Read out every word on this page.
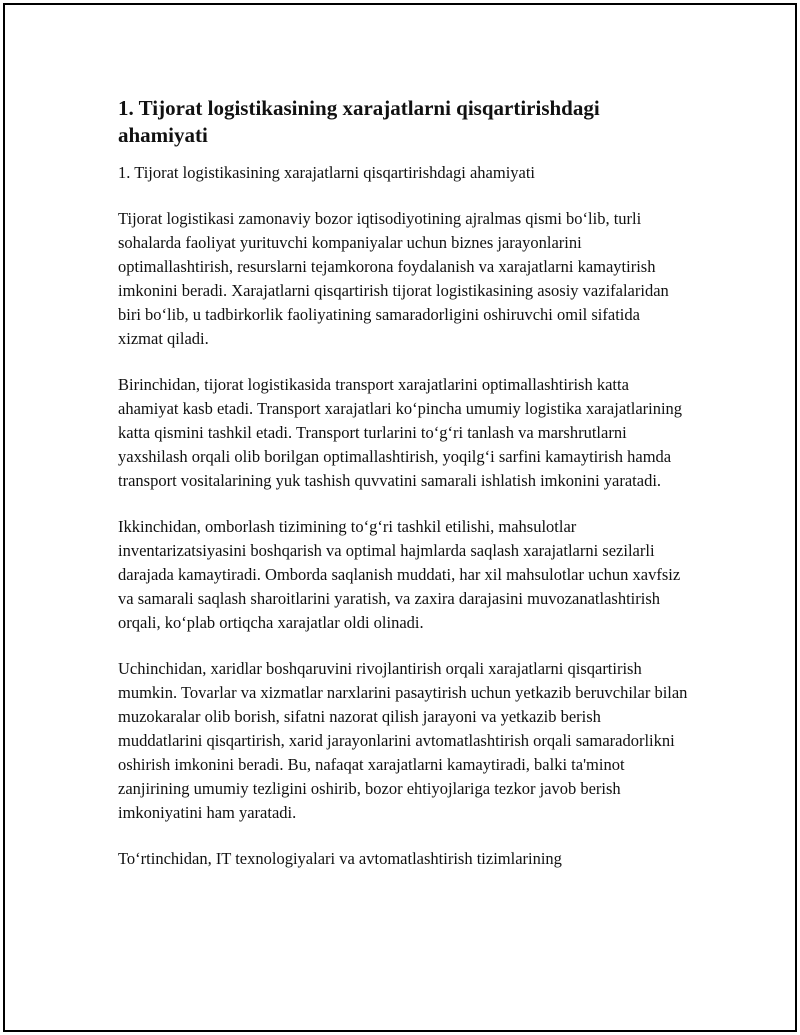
1. Tijorat logistikasining xarajatlarni qisqartirishdagi ahamiyati
1. Tijorat logistikasining xarajatlarni qisqartirishdagi ahamiyati

Tijorat logistikasi zamonaviy bozor iqtisodiyotining ajralmas qismi bo‘lib, turli sohalarda faoliyat yurituvchi kompaniyalar uchun biznes jarayonlarini optimallashtirish, resurslarni tejamkorona foydalanish va xarajatlarni kamaytirish imkonini beradi. Xarajatlarni qisqartirish tijorat logistikasining asosiy vazifalaridan biri bo‘lib, u tadbirkorlik faoliyatining samaradorligini oshiruvchi omil sifatida xizmat qiladi.

Birinchidan, tijorat logistikasida transport xarajatlarini optimallashtirish katta ahamiyat kasb etadi. Transport xarajatlari ko‘pincha umumiy logistika xarajatlarining katta qismini tashkil etadi. Transport turlarini to‘g‘ri tanlash va marshrutlarni yaxshilash orqali olib borilgan optimallashtirish, yoqilg‘i sarfini kamaytirish hamda transport vositalarining yuk tashish quvvatini samarali ishlatish imkonini yaratadi.

Ikkinchidan, omborlash tizimining to‘g‘ri tashkil etilishi, mahsulotlar inventarizatsiyasini boshqarish va optimal hajmlarda saqlash xarajatlarni sezilarli darajada kamaytiradi. Omborda saqlanish muddati, har xil mahsulotlar uchun xavfsiz va samarali saqlash sharoitlarini yaratish, va zaxira darajasini muvozanatlashtirish orqali, ko‘plab ortiqcha xarajatlar oldi olinadi.

Uchinchidan, xaridlar boshqaruvini rivojlantirish orqali xarajatlarni qisqartirish mumkin. Tovarlar va xizmatlar narxlarini pasaytirish uchun yetkazib beruvchilar bilan muzokaralar olib borish, sifatni nazorat qilish jarayoni va yetkazib berish muddatlarini qisqartirish, xarid jarayonlarini avtomatlashtirish orqali samaradorlikni oshirish imkonini beradi. Bu, nafaqat xarajatlarni kamaytiradi, balki ta'minot zanjirining umumiy tezligini oshirib, bozor ehtiyojlariga tezkor javob berish imkoniyatini ham yaratadi.

To‘rtinchidan, IT texnologiyalari va avtomatlashtirish tizimlarining
